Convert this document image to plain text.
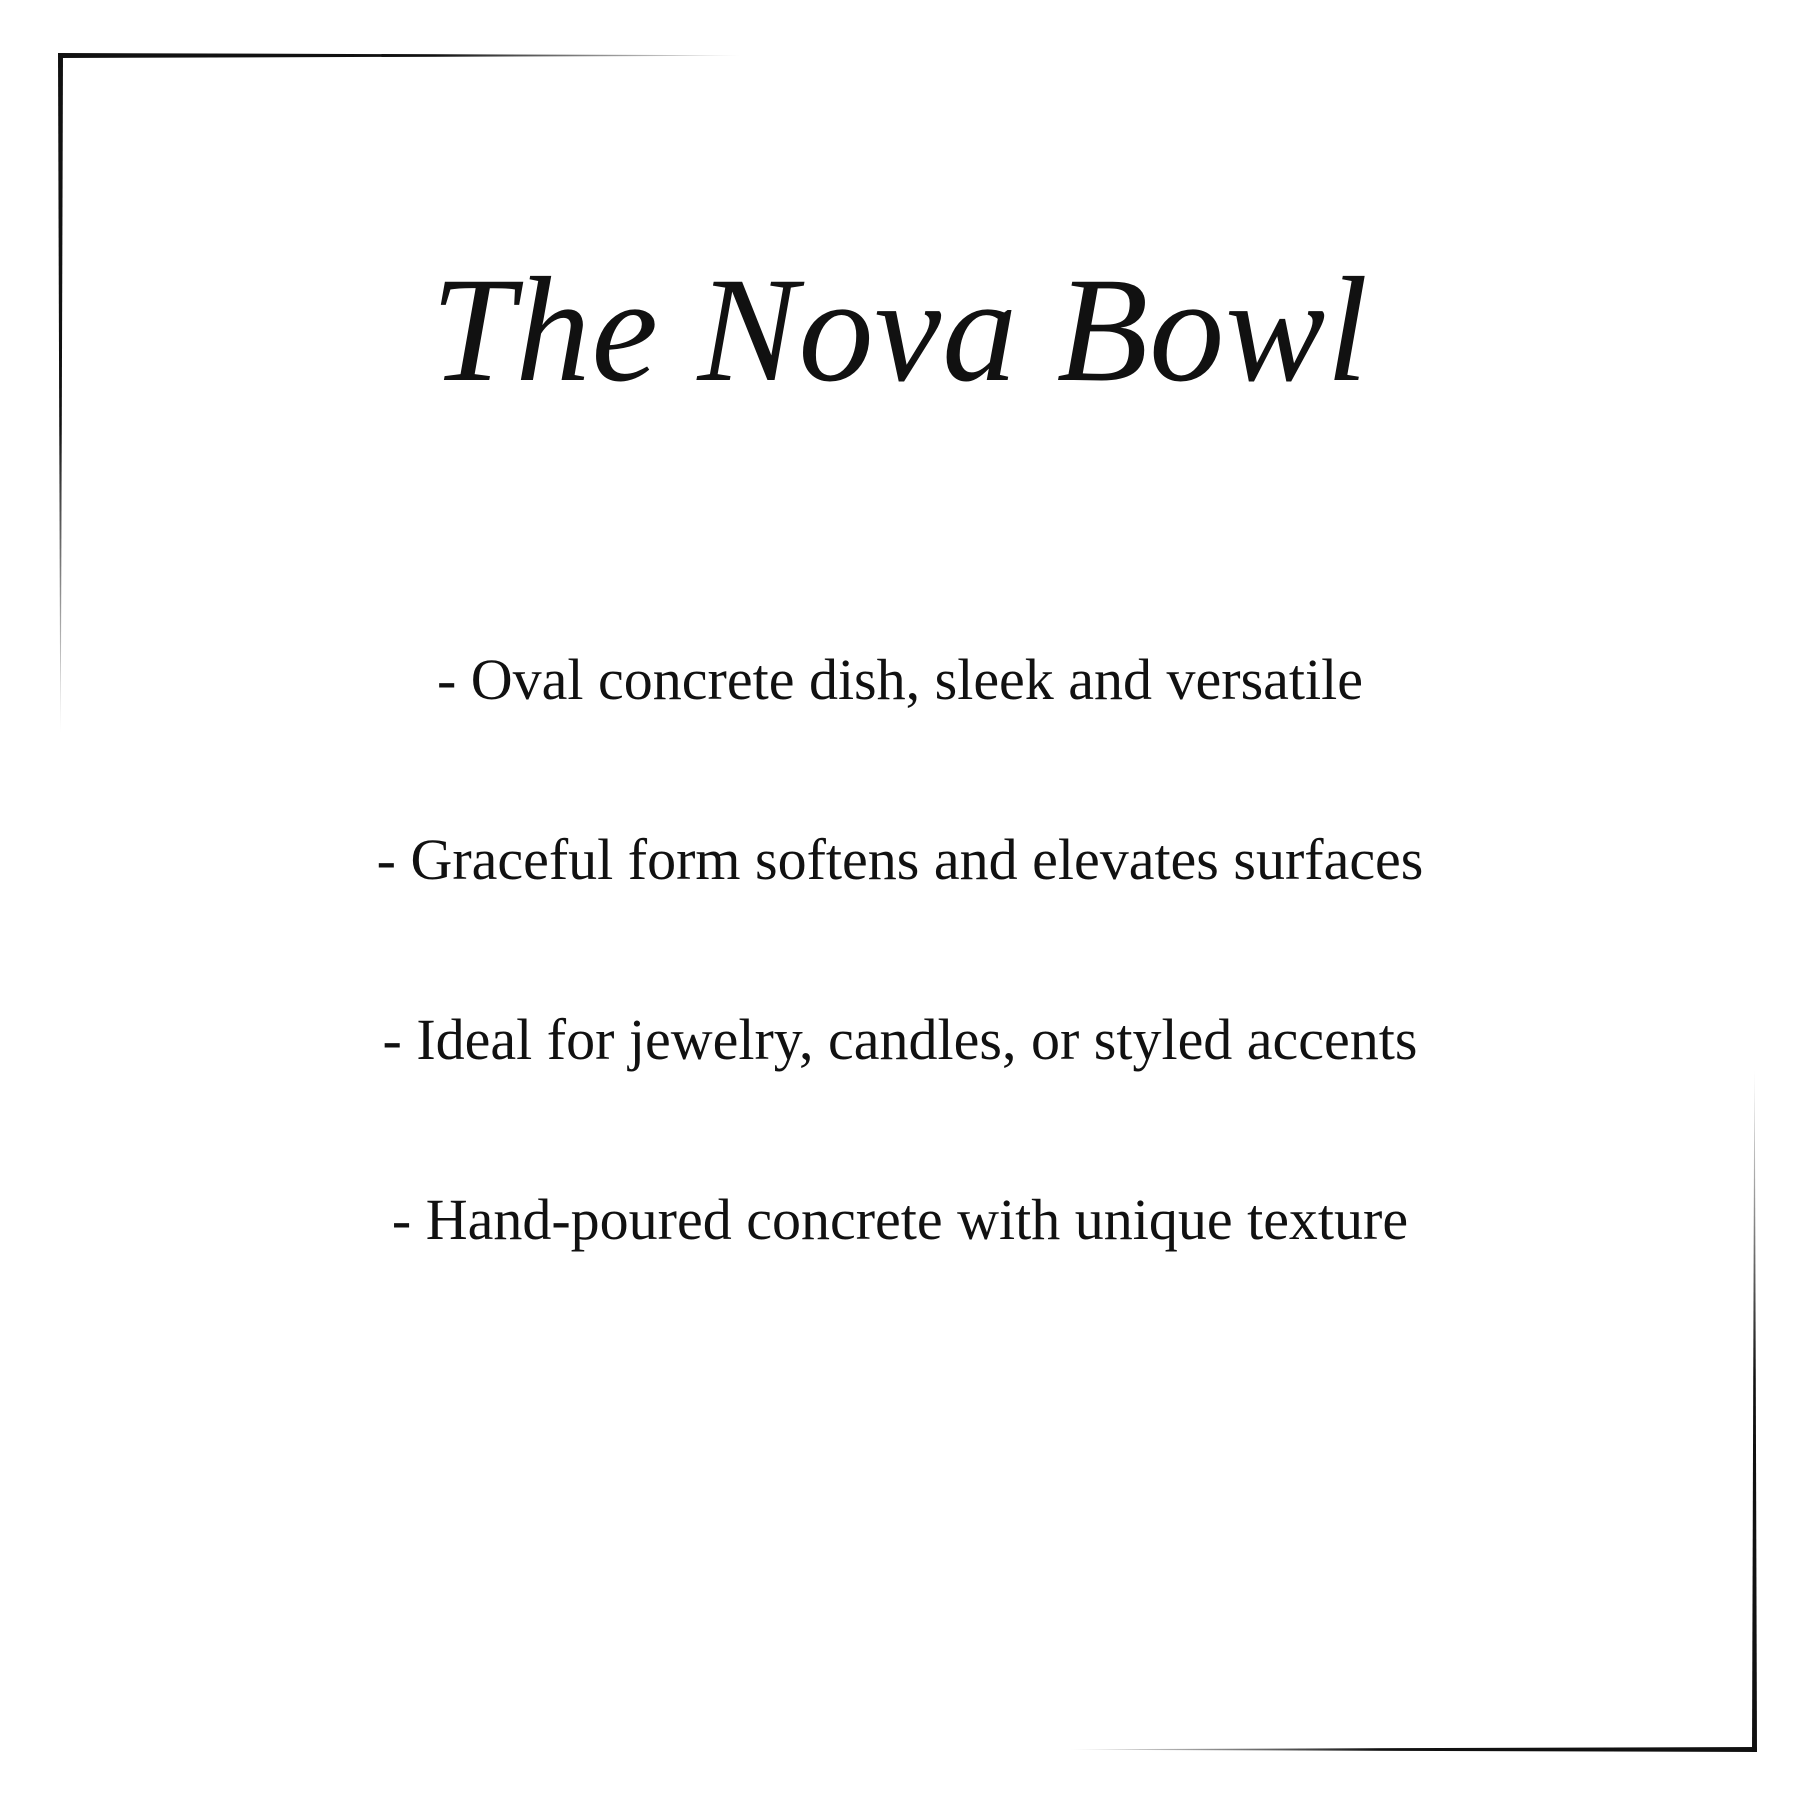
The Nova Bowl
- Oval concrete dish, sleek and versatile
- Graceful form softens and elevates surfaces
- Ideal for jewelry, candles, or styled accents
- Hand-poured concrete with unique texture
